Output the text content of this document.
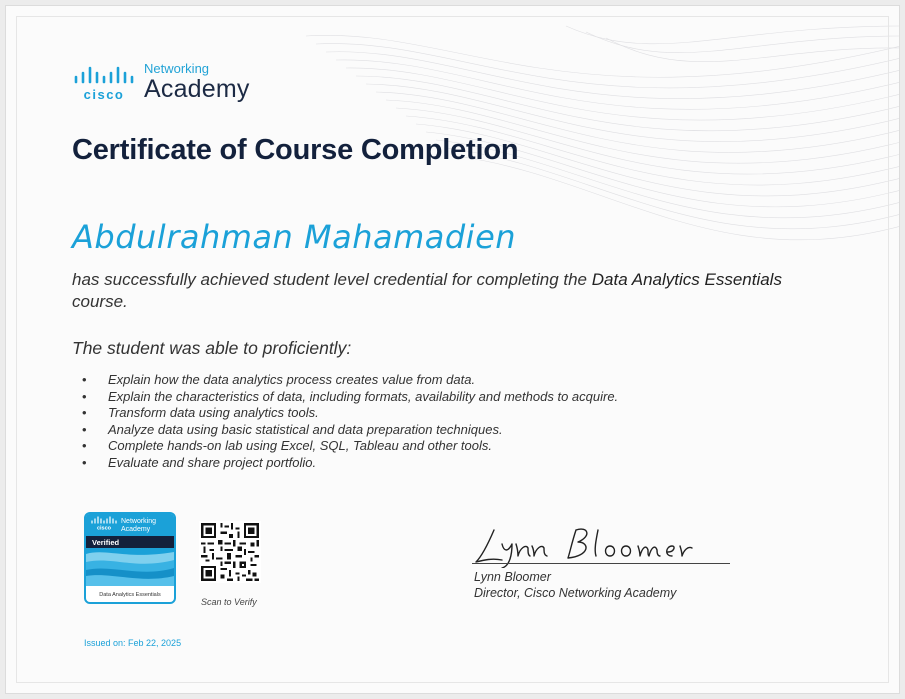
cisco
Networking
Academy
Certificate of Course Completion
Abdulrahman Mahamadien
has successfully achieved student level credential for completing the Data Analytics Essentials course.
The student was able to proficiently:
• Explain how the data analytics process creates value from data.
• Explain the characteristics of data, including formats, availability and methods to acquire.
• Transform data using analytics tools.
• Analyze data using basic statistical and data preparation techniques.
• Complete hands-on lab using Excel, SQL, Tableau and other tools.
• Evaluate and share project portfolio.
cisco
Networking
Academy
Verified
Data Analytics Essentials
Scan to Verify
Lynn Bloomer
Director, Cisco Networking Academy
Issued on: Feb 22, 2025
